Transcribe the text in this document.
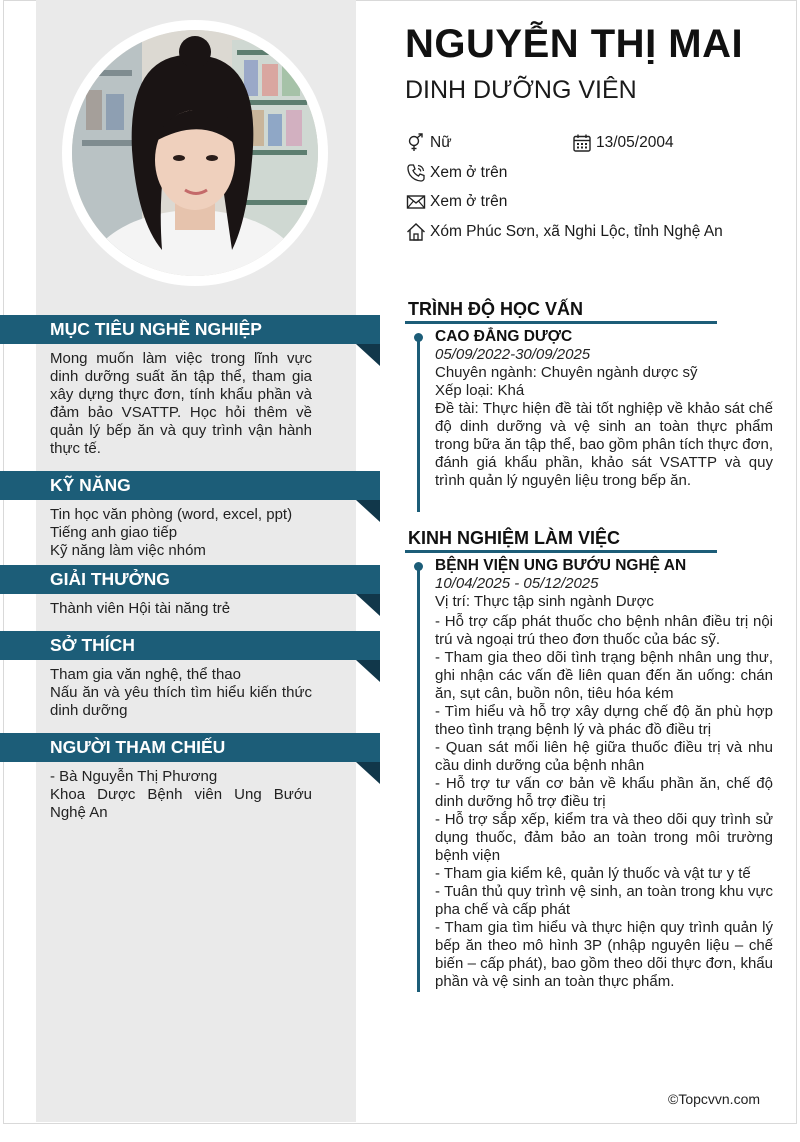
MỤC TIÊU NGHỀ NGHIỆP

Mong muốn làm việc trong lĩnh vực dinh dưỡng suất ăn tập thể, tham gia xây dựng thực đơn, tính khẩu phần và đảm bảo VSATTP. Học hỏi thêm về quản lý bếp ăn và quy trình vận hành thực tế.

KỸ NĂNG
Tin học văn phòng (word, excel, ppt)
Tiếng anh giao tiếp
Kỹ năng làm việc nhóm
GIẢI THƯỞNG
Thành viên Hội tài năng trẻ
SỞ THÍCH
Tham gia văn nghệ, thể thao

Nấu ăn và yêu thích tìm hiểu kiến thức dinh dưỡng

NGƯỜI THAM CHIẾU
- Bà Nguyễn Thị Phương

Khoa Dược Bệnh viên Ung Bướu Nghệ An

NGUYỄN THỊ MAI
DINH DƯỠNG VIÊN
Nữ	13/05/2004
Xem ở trên
Xem ở trên
Xóm Phúc Sơn, xã Nghi Lộc, tỉnh Nghệ An
TRÌNH ĐỘ HỌC VẤN
CAO ĐẲNG DƯỢC
05/09/2022-30/09/2025
Chuyên ngành: Chuyên ngành dược sỹ
Xếp loại: Khá

Đề tài: Thực hiện đề tài tốt nghiệp về khảo sát chế độ dinh dưỡng và vệ sinh an toàn thực phẩm trong bữa ăn tập thể, bao gồm phân tích thực đơn, đánh giá khẩu phần, khảo sát VSATTP và quy trình quản lý nguyên liệu trong bếp ăn.

KINH NGHIỆM LÀM VIỆC
BỆNH VIỆN UNG BƯỚU NGHỆ AN
10/04/2025 - 05/12/2025
Vị trí: Thực tập sinh ngành Dược

- Hỗ trợ cấp phát thuốc cho bệnh nhân điều trị nội trú và ngoại trú theo đơn thuốc của bác sỹ.

- Tham gia theo dõi tình trạng bệnh nhân ung thư, ghi nhận các vấn đề liên quan đến ăn uống: chán ăn, sụt cân, buồn nôn, tiêu hóa kém

- Tìm hiểu và hỗ trợ xây dựng chế độ ăn phù hợp theo tình trạng bệnh lý và phác đồ điều trị

- Quan sát mối liên hệ giữa thuốc điều trị và nhu cầu dinh dưỡng của bệnh nhân

- Hỗ trợ tư vấn cơ bản về khẩu phần ăn, chế độ dinh dưỡng hỗ trợ điều trị

- Hỗ trợ sắp xếp, kiểm tra và theo dõi quy trình sử dụng thuốc, đảm bảo an toàn trong môi trường bệnh viện

- Tham gia kiểm kê, quản lý thuốc và vật tư y tế

- Tuân thủ quy trình vệ sinh, an toàn trong khu vực pha chế và cấp phát

- Tham gia tìm hiểu và thực hiện quy trình quản lý bếp ăn theo mô hình 3P (nhập nguyên liệu – chế biến – cấp phát), bao gồm theo dõi thực đơn, khẩu phần và vệ sinh an toàn thực phẩm.

©Topcvvn.com
